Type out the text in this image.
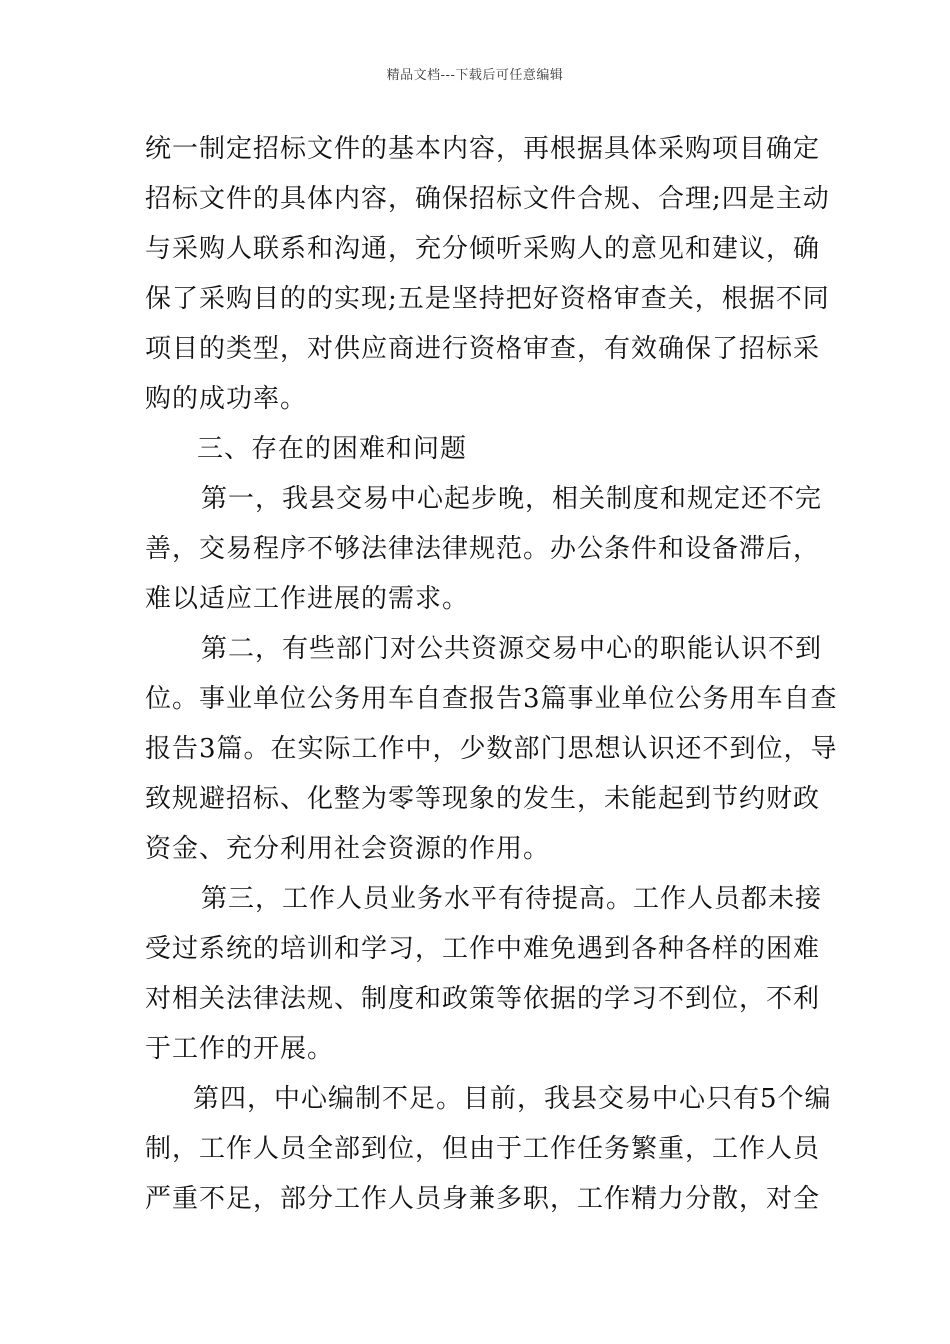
精品文档---下载后可任意编辑
统一制定招标文件的基本内容，再根据具体采购项目确定
招标文件的具体内容，确保招标文件合规、合理;四是主动
与采购人联系和沟通，充分倾听采购人的意见和建议，确
保了采购目的的实现;五是坚持把好资格审查关，根据不同
项目的类型，对供应商进行资格审查，有效确保了招标采
购的成功率。
三、存在的困难和问题
第一，我县交易中心起步晚，相关制度和规定还不完
善，交易程序不够法律法律规范。办公条件和设备滞后，
难以适应工作进展的需求。
第二，有些部门对公共资源交易中心的职能认识不到
位。事业单位公务用车自查报告3篇事业单位公务用车自查
报告3篇。在实际工作中，少数部门思想认识还不到位，导
致规避招标、化整为零等现象的发生，未能起到节约财政
资金、充分利用社会资源的作用。
第三，工作人员业务水平有待提高。工作人员都未接
受过系统的培训和学习，工作中难免遇到各种各样的困难
对相关法律法规、制度和政策等依据的学习不到位，不利
于工作的开展。
第四，中心编制不足。目前，我县交易中心只有5个编
制，工作人员全部到位，但由于工作任务繁重，工作人员
严重不足，部分工作人员身兼多职，工作精力分散，对全
